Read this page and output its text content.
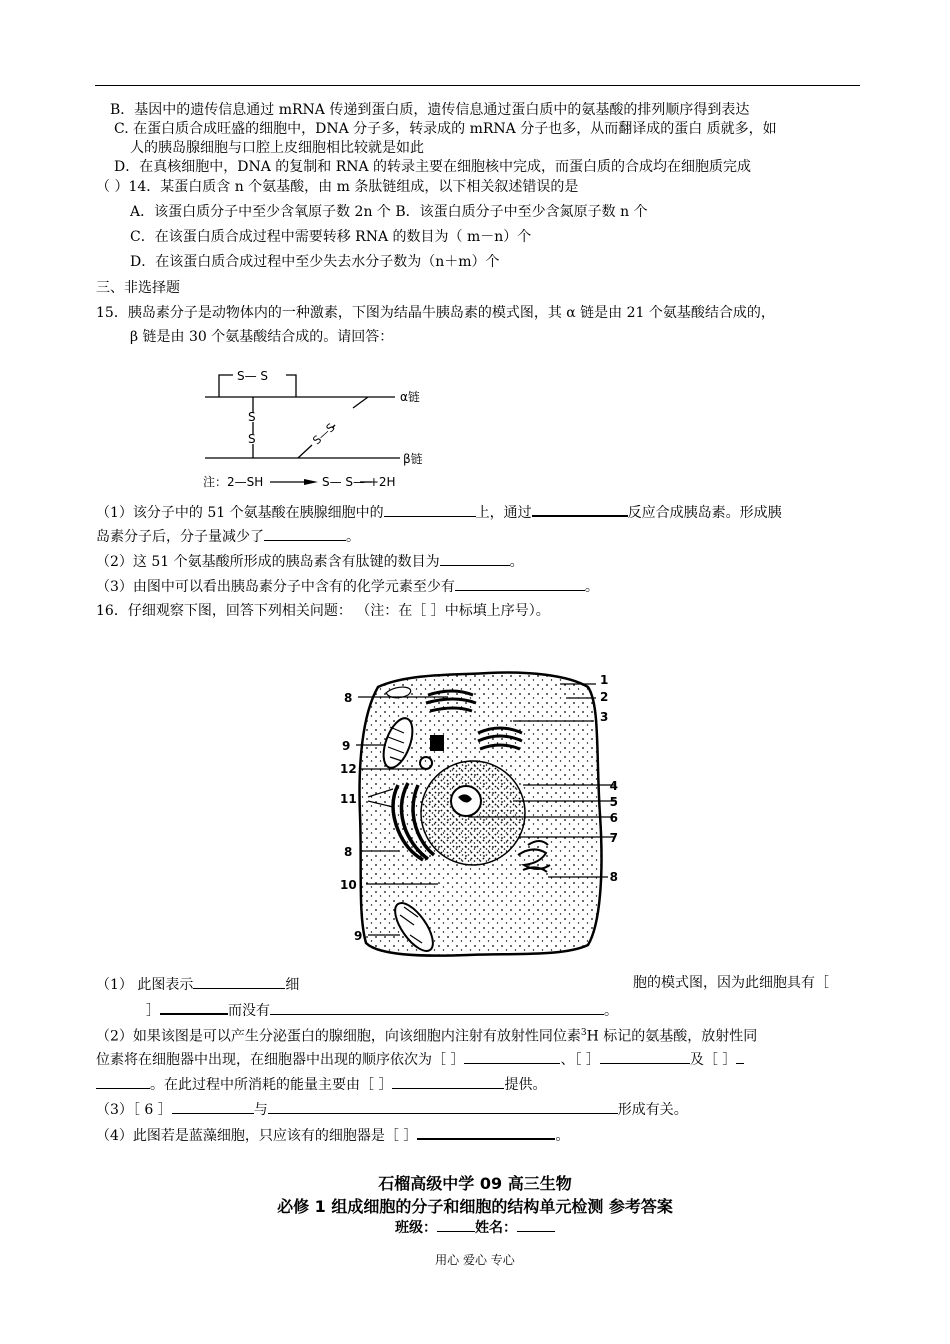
B．基因中的遗传信息通过 mRNA 传递到蛋白质，遗传信息通过蛋白质中的氨基酸的排列顺序得到表达
C. 在蛋白质合成旺盛的细胞中，DNA 分子多，转录成的 mRNA 分子也多，从而翻译成的蛋白 质就多，如
人的胰岛腺细胞与口腔上皮细胞相比较就是如此
D．在真核细胞中，DNA 的复制和 RNA 的转录主要在细胞核中完成，而蛋白质的合成均在细胞质完成
（ ）14．某蛋白质含 n 个氨基酸，由 m 条肽链组成，以下相关叙述错误的是
A．该蛋白质分子中至少含氧原子数 2n 个 B．该蛋白质分子中至少含氮原子数 n 个
C．在该蛋白质合成过程中需要转移 RNA 的数目为（ m－n）个
D．在该蛋白质合成过程中至少失去水分子数为（n＋m）个
三、非选择题
15．胰岛素分子是动物体内的一种激素，下图为结晶牛胰岛素的模式图，其 α 链是由 21 个氨基酸结合成的，
β 链是由 30 个氨基酸结合成的。请回答：
S— S
S
S	S—S
α链
β链
注：2—SH	S— S— +2H
（1）该分子中的 51 个氨基酸在胰腺细胞中的	上，通过	反应合成胰岛素。形成胰
岛素分子后，分子量减少了	。
（2）这 51 个氨基酸所形成的胰岛素含有肽键的数目为	。
（3）由图中可以看出胰岛素分子中含有的化学元素至少有	。
16．仔细观察下图，回答下列相关问题： （注：在［ ］中标填上序号）。
8
1
2
3
9
12
11
4
5
6
7
8
8
10
9
（1） 此图表示	细	胞的模式图，因为此细胞具有［
］	而没有	。
（2）如果该图是可以产生分泌蛋白的腺细胞，向该细胞内注射有放射性同位素$^3$H 标记的氨基酸，放射性同
位素将在细胞器中出现，在细胞器中出现的顺序依次为［ ］	、［ ］	及［ ］
。在此过程中所消耗的能量主要由［ ］	提供。
（3）［ 6 ］	与	形成有关。
（4）此图若是蓝藻细胞，只应该有的细胞器是［ ］	。
石榴高级中学 09 高三生物
必修 1 组成细胞的分子和细胞的结构单元检测 参考答案
班级：	姓名：
用心 爱心 专心
